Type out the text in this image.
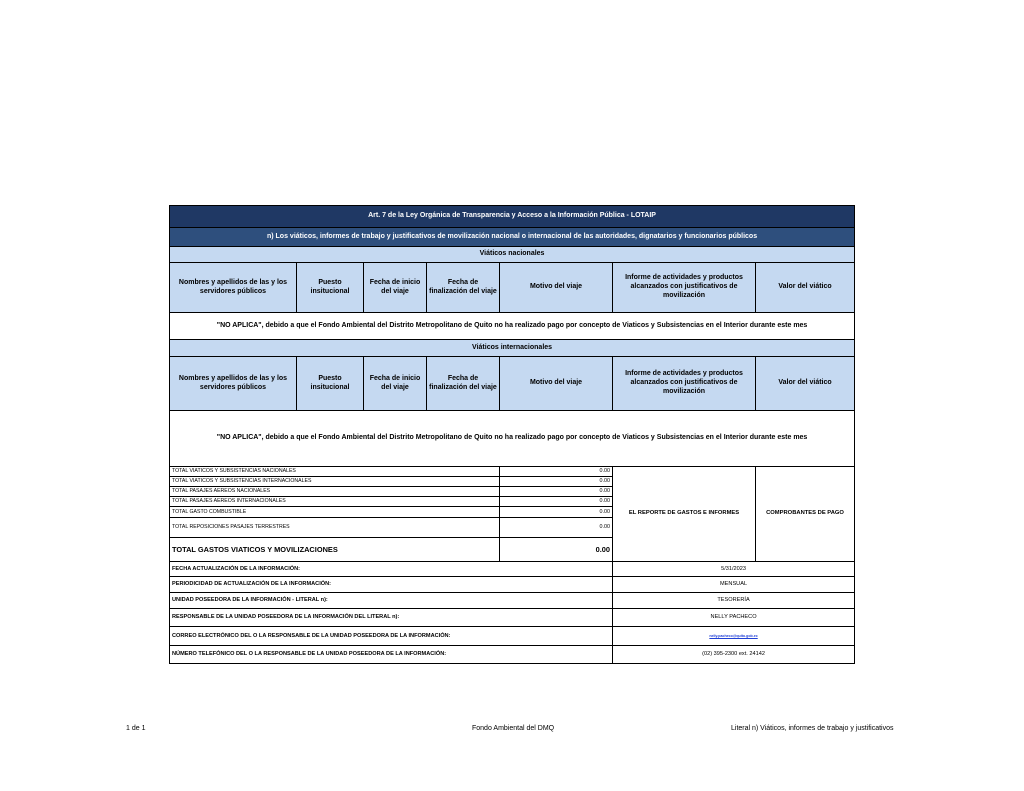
Art. 7 de la Ley Orgánica de Transparencia y Acceso a la Información Pública - LOTAIP						
n) Los viáticos, informes de trabajo y justificativos de movilización nacional o internacional de las autoridades, dignatarios y funcionarios públicos						
Viáticos nacionales						
Nombres y apellidos de las y los servidores públicos	Puesto insitucional	Fecha de inicio del viaje	Fecha de finalización del viaje	Motivo del viaje	Informe de actividades y productos alcanzados con justificativos de movilización	Valor del viático
"NO APLICA", debido a que el Fondo Ambiental del Distrito Metropolitano de Quito no ha realizado pago por concepto de Viaticos y Subsistencias en el Interior durante este mes						
Viáticos internacionales						
Nombres y apellidos de las y los servidores públicos	Puesto insitucional	Fecha de inicio del viaje	Fecha de finalización del viaje	Motivo del viaje	Informe de actividades y productos alcanzados con justificativos de movilización	Valor del viático
"NO APLICA", debido a que el Fondo Ambiental del Distrito Metropolitano de Quito no ha realizado pago por concepto de Viaticos y Subsistencias en el Interior durante este mes						
TOTAL VIATICOS Y SUBSISTENCIAS NACIONALES				0.00	EL REPORTE DE GASTOS E INFORMES	COMPROBANTES DE PAGO
TOTAL VIATICOS Y SUBSISTENCIAS INTERNACIONALES				0.00		
TOTAL PASAJES AEREOS NACIONALES				0.00		
TOTAL PASAJES AEREOS INTERNACIONALES				0.00		
TOTAL GASTO COMBUSTIBLE				0.00		
TOTAL REPOSICIONES PASAJES TERRESTRES				0.00		
TOTAL GASTOS VIATICOS Y MOVILIZACIONES				0.00		
FECHA ACTUALIZACIÓN DE LA INFORMACIÓN:					5/31/2023	
PERIODICIDAD DE ACTUALIZACIÓN DE LA INFORMACIÓN:					MENSUAL	
UNIDAD POSEEDORA DE LA INFORMACIÓN - LITERAL n):					TESORERÍA	
RESPONSABLE DE LA UNIDAD POSEEDORA DE LA INFORMACIÓN DEL LITERAL n):					NELLY PACHECO	
CORREO ELECTRÓNICO DEL O LA RESPONSABLE DE LA UNIDAD POSEEDORA DE LA INFORMACIÓN:					nelly.pacheco@quito.gob.ec	
NÚMERO TELEFÓNICO DEL O LA RESPONSABLE DE LA UNIDAD POSEEDORA DE LA INFORMACIÓN:					(02) 395-2300 ext. 24142	
1 de 1	Fondo Ambiental del DMQ	Literal n) Viáticos, informes de trabajo y justificativos
